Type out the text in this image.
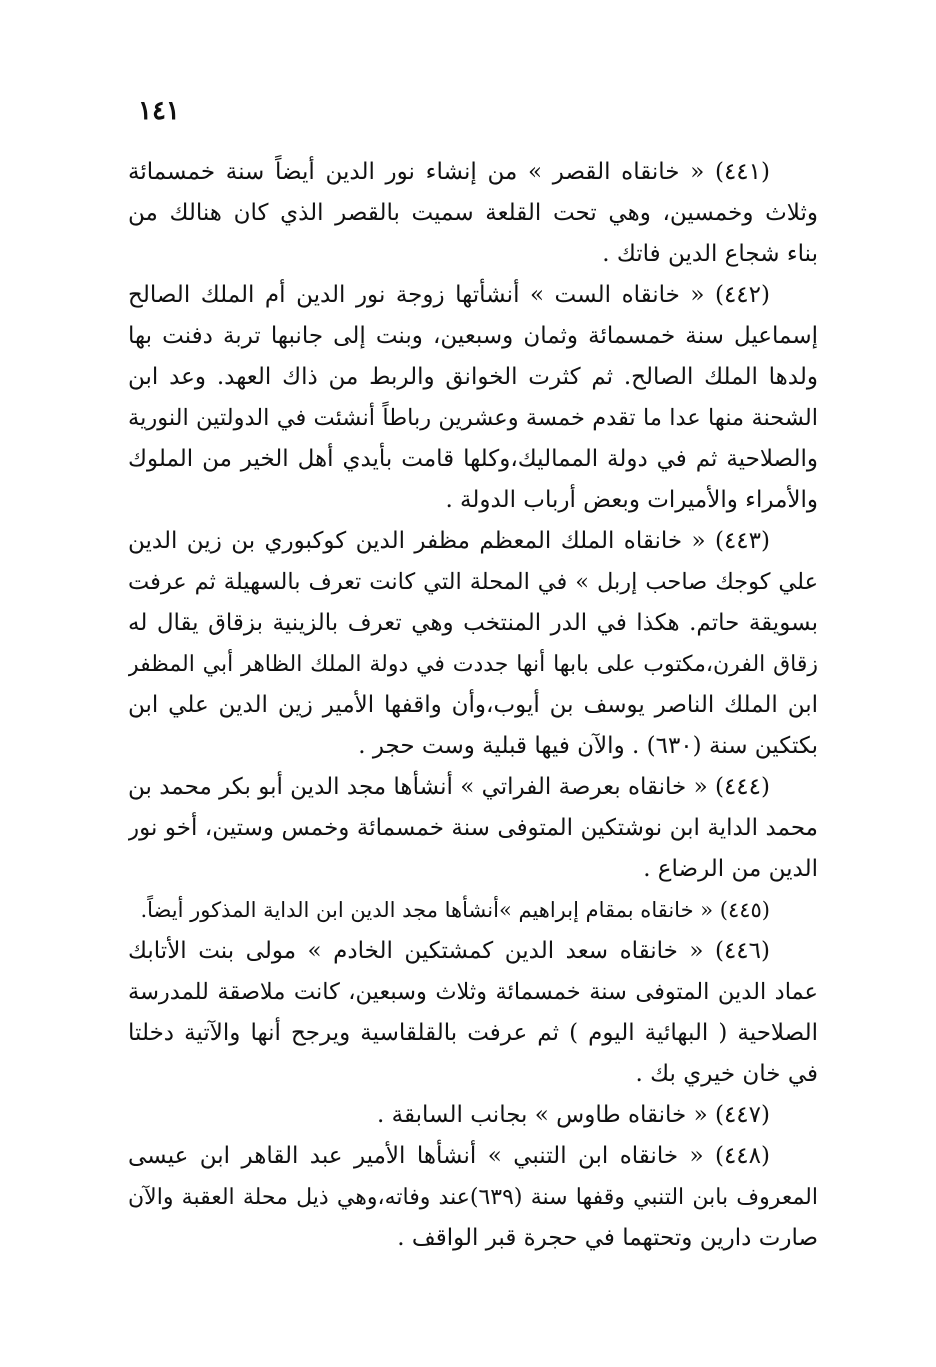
١٤١
(٤٤١) « خانقاه القصر » من إنشاء نور الدين أيضاً سنة خمسمائة
وثلاث وخمسين، وهي تحت القلعة سميت بالقصر الذي كان هنالك من
بناء شجاع الدين فاتك .
(٤٤٢) « خانقاه الست » أنشأتها زوجة نور الدين أم الملك الصالح
إسماعيل سنة خمسمائة وثمان وسبعين، وبنت إلى جانبها تربة دفنت بها
ولدها الملك الصالح. ثم كثرت الخوانق والربط من ذاك العهد. وعد ابن
الشحنة منها عدا ما تقدم خمسة وعشرين رباطاً أنشئت في الدولتين النورية
والصلاحية ثم في دولة المماليك،وكلها قامت بأيدي أهل الخير من الملوك
والأمراء والأميرات وبعض أرباب الدولة .
(٤٤٣) « خانقاه الملك المعظم مظفر الدين كوكبوري بن زين الدين
علي كوجك صاحب إربل » في المحلة التي كانت تعرف بالسهيلة ثم عرفت
بسويقة حاتم. هكذا في الدر المنتخب وهي تعرف بالزينية بزقاق يقال له
زقاق الفرن،مكتوب على بابها أنها جددت في دولة الملك الظاهر أبي المظفر
ابن الملك الناصر يوسف بن أيوب،وأن واقفها الأمير زين الدين علي ابن
بكتكين سنة (٦٣٠) . والآن فيها قبلية وست حجر .
(٤٤٤) « خانقاه بعرصة الفراتي » أنشأها مجد الدين أبو بكر محمد بن
محمد الداية ابن نوشتكين المتوفى سنة خمسمائة وخمس وستين، أخو نور
الدين من الرضاع .
(٤٤٥) « خانقاه بمقام إبراهيم »أنشأها مجد الدين ابن الداية المذكور أيضاً.
(٤٤٦) « خانقاه سعد الدين كمشتكين الخادم » مولى بنت الأتابك
عماد الدين المتوفى سنة خمسمائة وثلاث وسبعين، كانت ملاصقة للمدرسة
الصلاحية ( البهائية اليوم ) ثم عرفت بالقلقاسية ويرجح أنها والآتية دخلتا
في خان خيري بك .
(٤٤٧) « خانقاه طاوس » بجانب السابقة .
(٤٤٨) « خانقاه ابن التنبي » أنشأها الأمير عبد القاهر ابن عيسى
المعروف بابن التنبي وقفها سنة (٦٣٩)عند وفاته،وهي ذيل محلة العقبة والآن
صارت دارين وتحتهما في حجرة قبر الواقف .
